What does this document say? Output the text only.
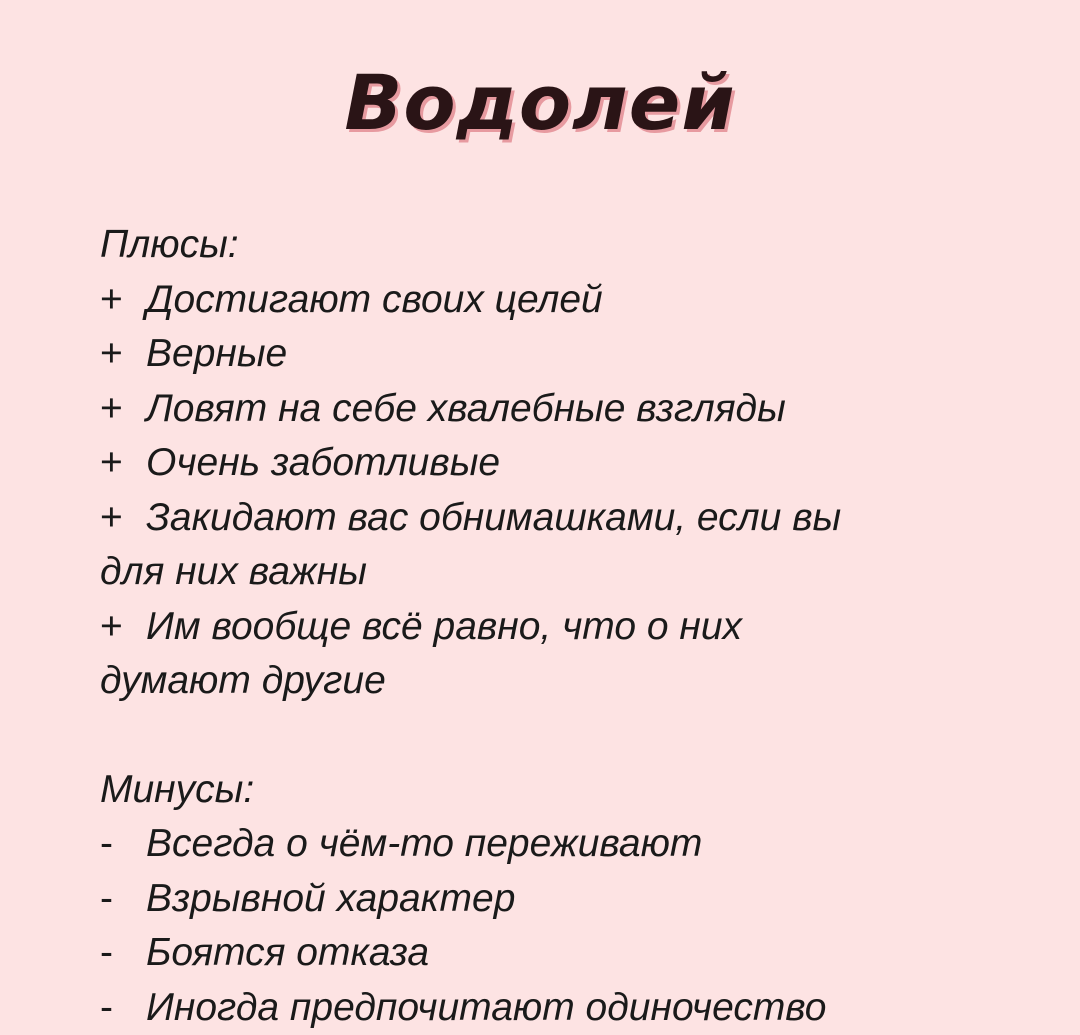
Водолей
Плюсы:
+ Достигают своих целей
+ Верные
+ Ловят на себе хвалебные взгляды
+ Очень заботливые
+ Закидают вас обнимашками, если вы для них важны
+ Им вообще всё равно, что о них думают другие
Минусы:
- Всегда о чём-то переживают
- Взрывной характер
- Боятся отказа
- Иногда предпочитают одиночество
